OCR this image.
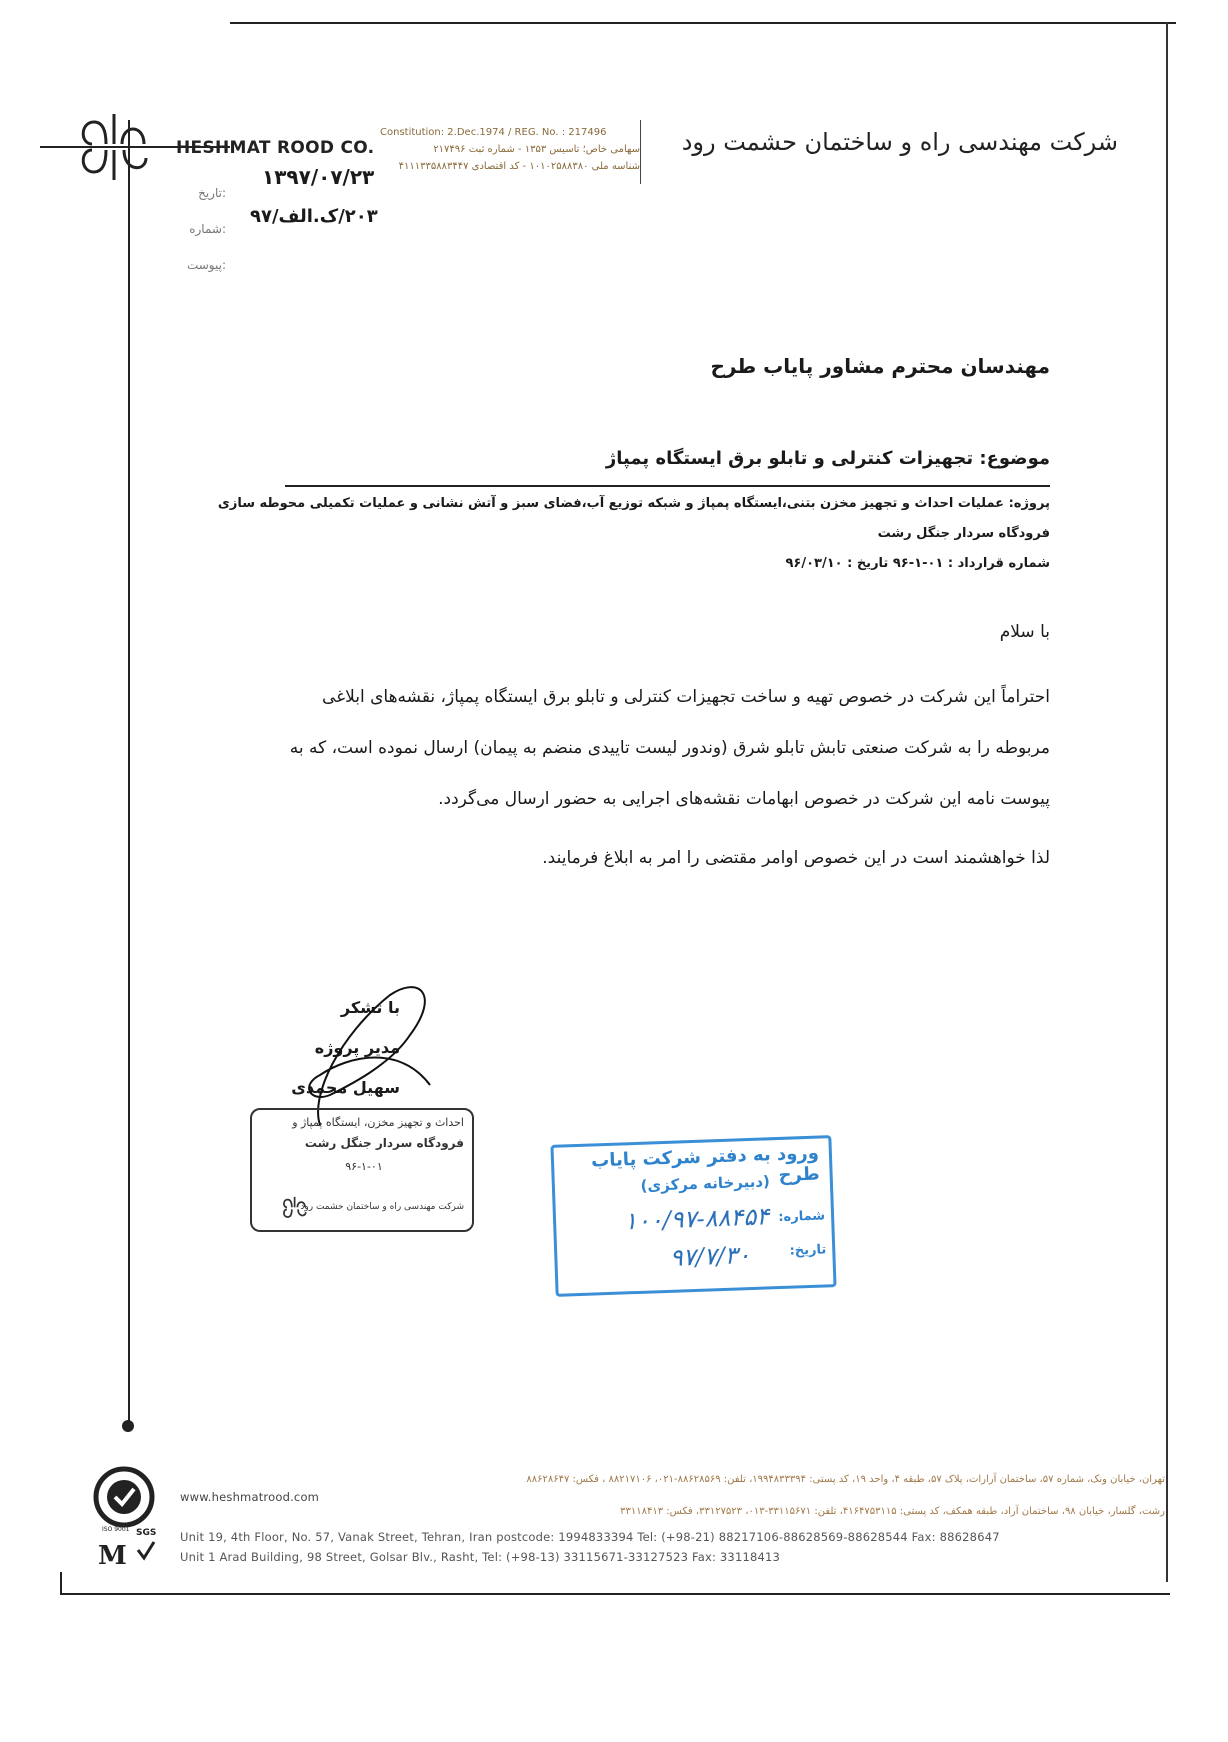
HESHMAT ROOD CO.	شرکت مهندسی راه و ساختمان حشمت رود
Constitution: 2.Dec.1974 / REG. No. : 217496
سهامی خاص؛ تاسیس ۱۳۵۳ - شماره ثبت ۲۱۷۴۹۶
شناسه ملی ۱۰۱۰۲۵۸۸۳۸۰ - کد اقتصادی ۴۱۱۱۳۳۵۸۸۳۴۴۷
۱۳۹۷/۰۷/۲۳
۲۰۳/ک.الف/۹۷
:تاریخ
:شماره
:پیوست
مهندسان محترم مشاور پایاب طرح
موضوع: تجهیزات کنترلی و تابلو برق ایستگاه پمپاژ
پروژه: عملیات احداث و تجهیز مخزن بتنی،ایستگاه پمپاژ و شبکه توزیع آب،فضای سبز و آتش نشانی و عملیات تکمیلی محوطه سازی
فرودگاه سردار جنگل رشت
شماره قرارداد : ۰۱-۱-۹۶ تاریخ : ۹۶/۰۳/۱۰
با سلام

احتراماً این شرکت در خصوص تهیه و ساخت تجهیزات کنترلی و تابلو برق ایستگاه پمپاژ، نقشه‌های ابلاغی

مربوطه را به شرکت صنعتی تابش تابلو شرق (وندور لیست تاییدی منضم به پیمان) ارسال نموده است، که به

پیوست نامه این شرکت در خصوص ابهامات نقشه‌های اجرایی به حضور ارسال می‌گردد.

لذا خواهشمند است در این خصوص اوامر مقتضی را امر به ابلاغ فرمایند.
با تشکر
مدیر پروژه
سهیل محمدی
احداث و تجهیز مخزن، ایستگاه پمپاژ و
فرودگاه سردار جنگل رشت
۹۶-۱-۰۱
شرکت مهندسی راه و ساختمان حشمت رود
ورود به دفتر شرکت پایاب طرح
(دبیرخانه مرکزی)
شماره:
تاریخ:
۱۰۰/۹۷-۸۸۴۵۴
۹۷/۷/۳۰
ISO 9001 SGS
M
تهران، خیابان ونک، شماره ۵۷، ساختمان آرارات، پلاک ۵۷، طبقه ۴، واحد ۱۹، کد پستی: ۱۹۹۴۸۳۳۳۹۴، تلفن: ۸۸۶۲۸۵۶۹-۰۲۱، ۸۸۲۱۷۱۰۶ ، فکس: ۸۸۶۲۸۶۴۷
www.heshmatrood.com
رشت، گلسار، خیابان ۹۸، ساختمان آراد، طبقه همکف، کد پستی: ۴۱۶۴۷۵۳۱۱۵، تلفن: ۳۳۱۱۵۶۷۱-۰۱۳، ۳۳۱۲۷۵۲۳، فکس: ۳۳۱۱۸۴۱۳
Unit 19, 4th Floor, No. 57, Vanak Street, Tehran, Iran postcode: 1994833394 Tel: (+98-21) 88217106-88628569-88628544 Fax: 88628647
Unit 1 Arad Building, 98 Street, Golsar Blv., Rasht, Tel: (+98-13) 33115671-33127523 Fax: 33118413
